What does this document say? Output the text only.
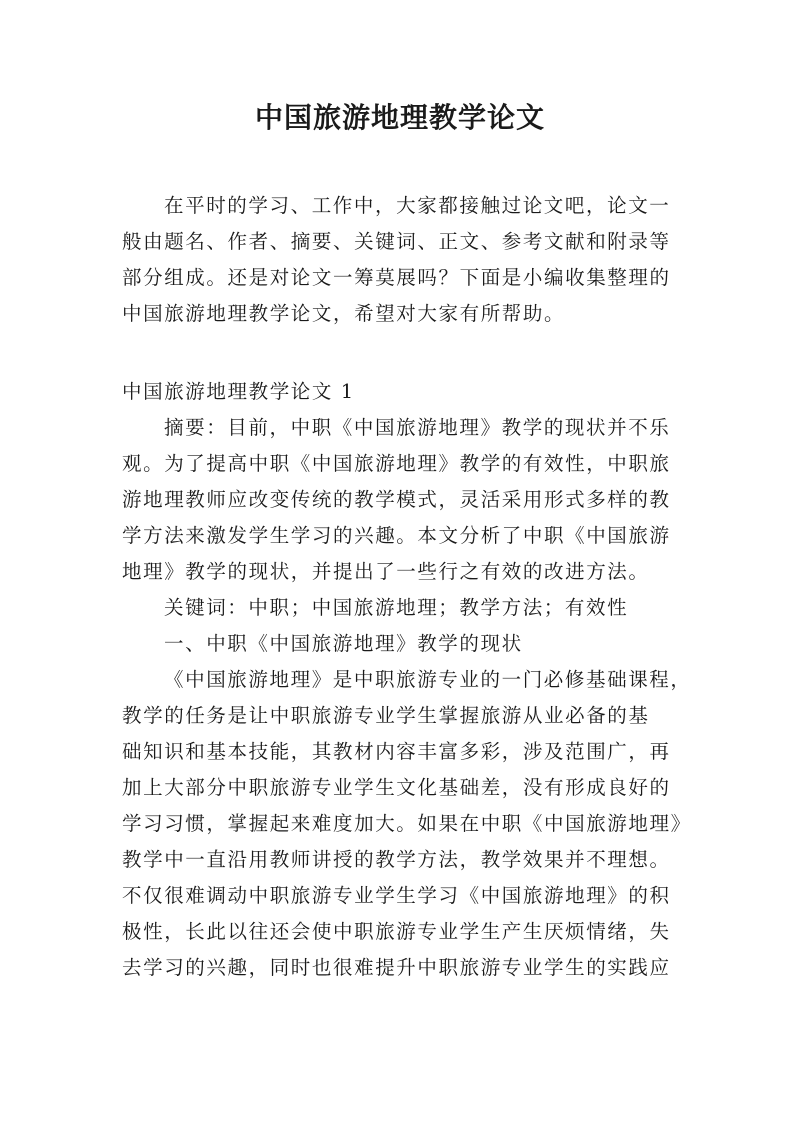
中国旅游地理教学论文
在平时的学习、工作中，大家都接触过论文吧，论文一
般由题名、作者、摘要、关键词、正文、参考文献和附录等
部分组成。还是对论文一筹莫展吗？下面是小编收集整理的
中国旅游地理教学论文，希望对大家有所帮助。
中国旅游地理教学论文 1
摘要：目前，中职《中国旅游地理》教学的现状并不乐
观。为了提高中职《中国旅游地理》教学的有效性，中职旅
游地理教师应改变传统的教学模式，灵活采用形式多样的教
学方法来激发学生学习的兴趣。本文分析了中职《中国旅游
地理》教学的现状，并提出了一些行之有效的改进方法。
关键词：中职；中国旅游地理；教学方法；有效性
一、中职《中国旅游地理》教学的现状
《中国旅游地理》是中职旅游专业的一门必修基础课程，
教学的任务是让中职旅游专业学生掌握旅游从业必备的基
础知识和基本技能，其教材内容丰富多彩，涉及范围广，再
加上大部分中职旅游专业学生文化基础差，没有形成良好的
学习习惯，掌握起来难度加大。如果在中职《中国旅游地理》
教学中一直沿用教师讲授的教学方法，教学效果并不理想。
不仅很难调动中职旅游专业学生学习《中国旅游地理》的积
极性，长此以往还会使中职旅游专业学生产生厌烦情绪，失
去学习的兴趣，同时也很难提升中职旅游专业学生的实践应
